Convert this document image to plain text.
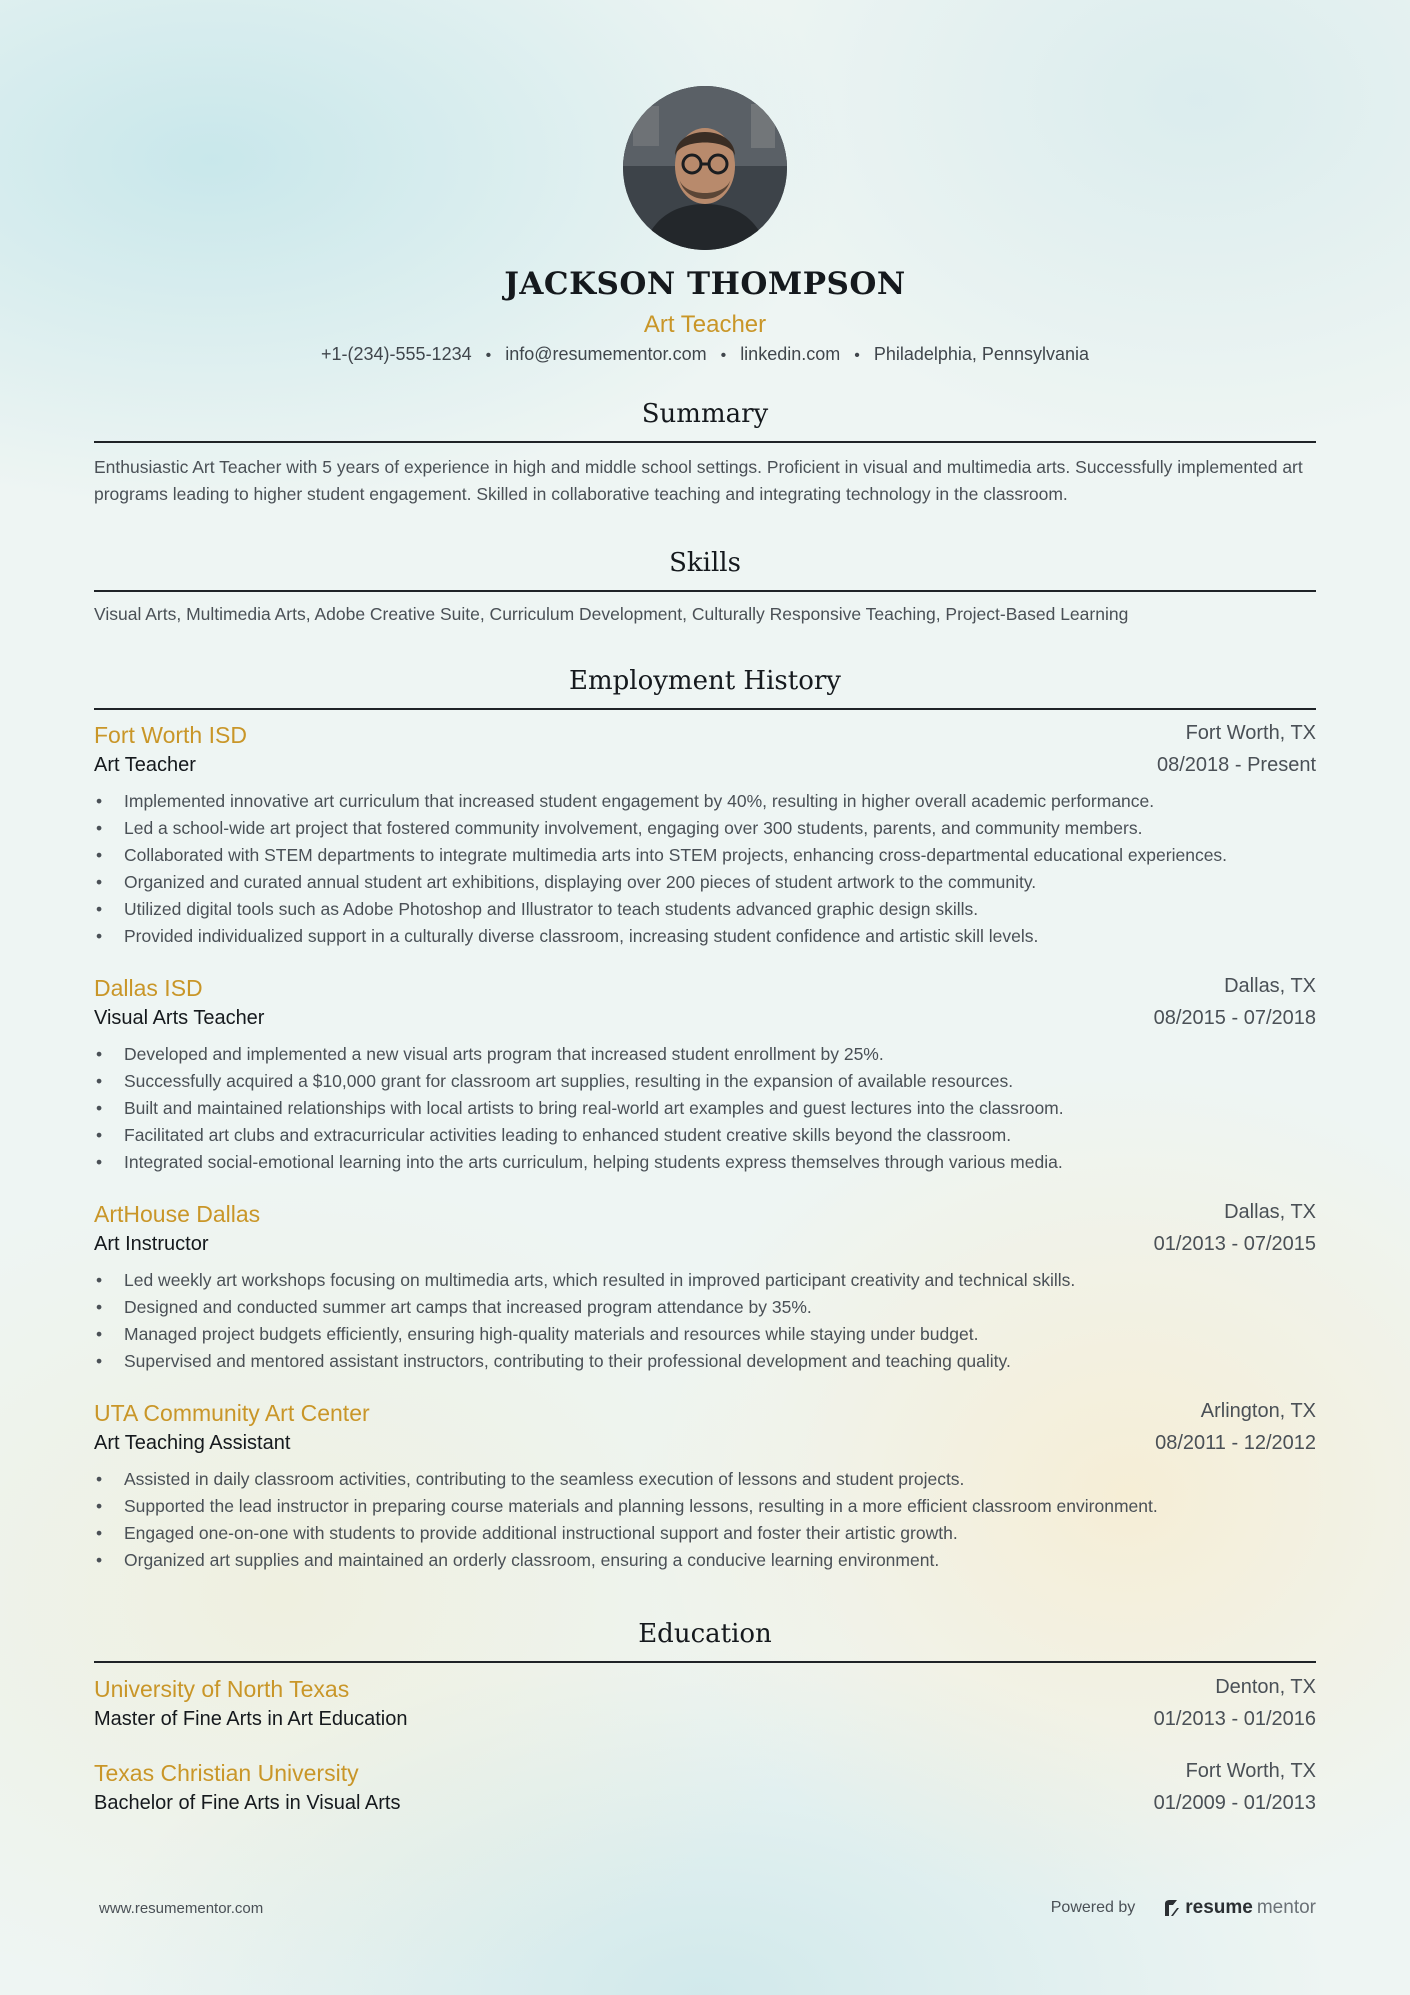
JACKSON THOMPSON
Art Teacher
+1-(234)-555-1234 • info@resumementor.com • linkedin.com • Philadelphia, Pennsylvania
Summary
Enthusiastic Art Teacher with 5 years of experience in high and middle school settings. Proficient in visual and multimedia arts. Successfully implemented art programs leading to higher student engagement. Skilled in collaborative teaching and integrating technology in the classroom.
Skills
Visual Arts, Multimedia Arts, Adobe Creative Suite, Curriculum Development, Culturally Responsive Teaching, Project-Based Learning
Employment History
Fort Worth ISD	Fort Worth, TX
Art Teacher	08/2018 - Present
• Implemented innovative art curriculum that increased student engagement by 40%, resulting in higher overall academic performance.
• Led a school-wide art project that fostered community involvement, engaging over 300 students, parents, and community members.
• Collaborated with STEM departments to integrate multimedia arts into STEM projects, enhancing cross-departmental educational experiences.
• Organized and curated annual student art exhibitions, displaying over 200 pieces of student artwork to the community.
• Utilized digital tools such as Adobe Photoshop and Illustrator to teach students advanced graphic design skills.
• Provided individualized support in a culturally diverse classroom, increasing student confidence and artistic skill levels.
Dallas ISD	Dallas, TX
Visual Arts Teacher	08/2015 - 07/2018
• Developed and implemented a new visual arts program that increased student enrollment by 25%.
• Successfully acquired a $10,000 grant for classroom art supplies, resulting in the expansion of available resources.
• Built and maintained relationships with local artists to bring real-world art examples and guest lectures into the classroom.
• Facilitated art clubs and extracurricular activities leading to enhanced student creative skills beyond the classroom.
• Integrated social-emotional learning into the arts curriculum, helping students express themselves through various media.
ArtHouse Dallas	Dallas, TX
Art Instructor	01/2013 - 07/2015
• Led weekly art workshops focusing on multimedia arts, which resulted in improved participant creativity and technical skills.
• Designed and conducted summer art camps that increased program attendance by 35%.
• Managed project budgets efficiently, ensuring high-quality materials and resources while staying under budget.
• Supervised and mentored assistant instructors, contributing to their professional development and teaching quality.
UTA Community Art Center	Arlington, TX
Art Teaching Assistant	08/2011 - 12/2012
• Assisted in daily classroom activities, contributing to the seamless execution of lessons and student projects.
• Supported the lead instructor in preparing course materials and planning lessons, resulting in a more efficient classroom environment.
• Engaged one-on-one with students to provide additional instructional support and foster their artistic growth.
• Organized art supplies and maintained an orderly classroom, ensuring a conducive learning environment.
Education
University of North Texas	Denton, TX
Master of Fine Arts in Art Education	01/2013 - 01/2016
Texas Christian University	Fort Worth, TX
Bachelor of Fine Arts in Visual Arts	01/2009 - 01/2013
www.resumementor.com	Powered by	resume mentor
